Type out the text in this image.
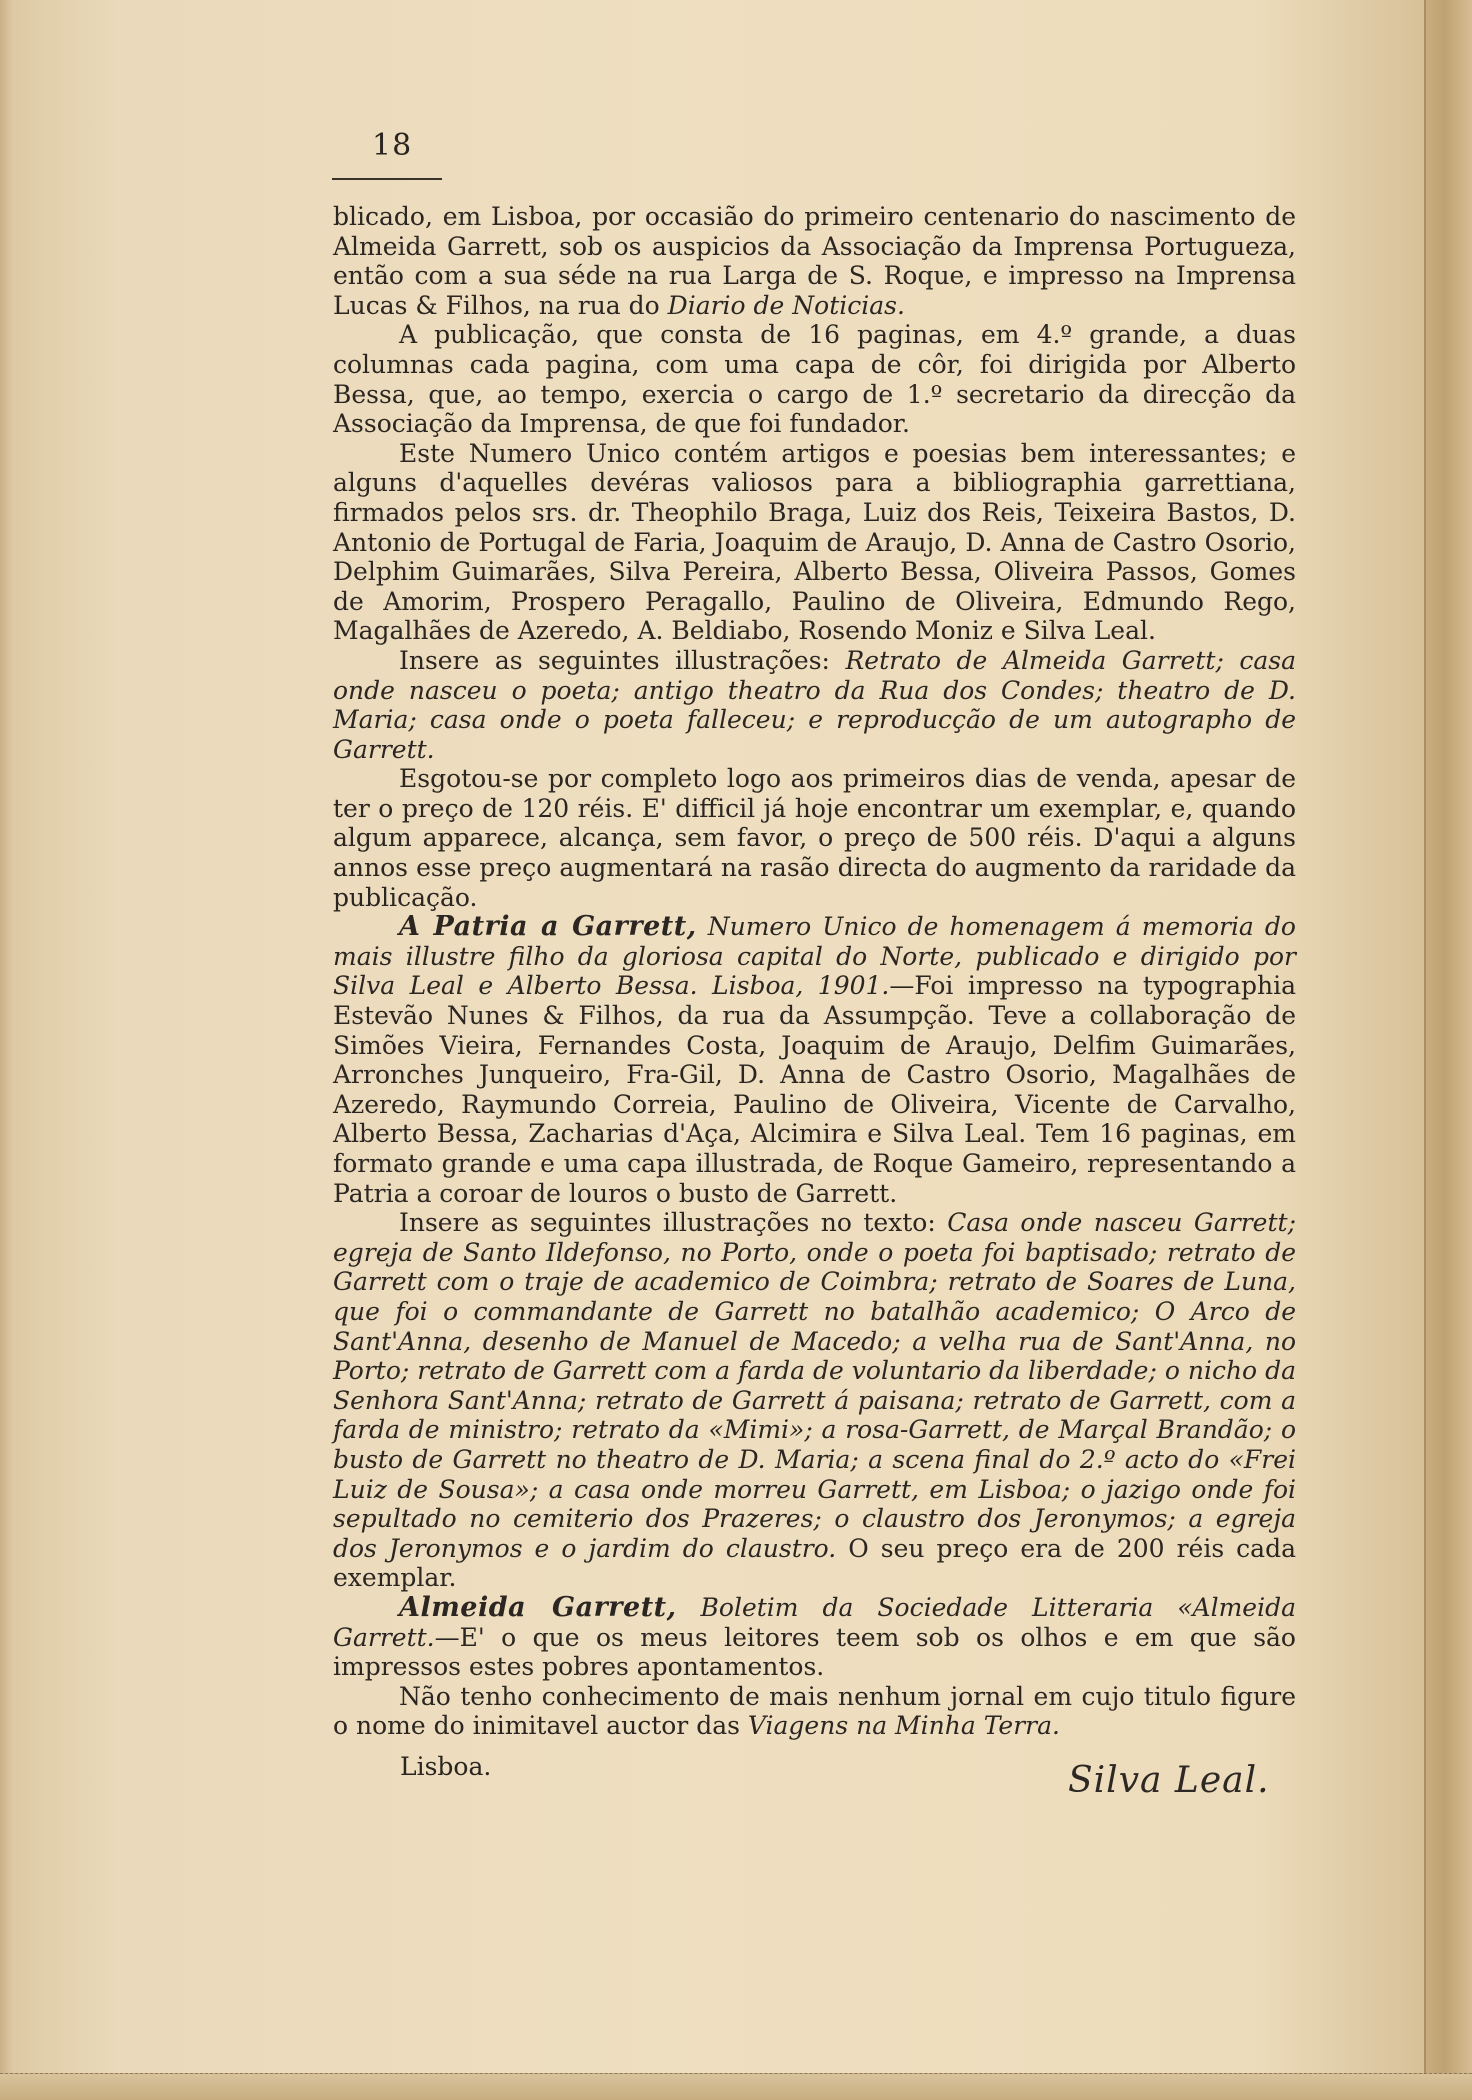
18

blicado, em Lisboa, por occasião do primeiro centenario do nascimento de Almeida Garrett, sob os auspicios da Associação da Imprensa Portugueza, então com a sua séde na rua Larga de S. Roque, e impresso na Imprensa Lucas & Filhos, na rua do Diario de Noticias.

A publicação, que consta de 16 paginas, em 4.º grande, a duas columnas cada pagina, com uma capa de côr, foi dirigida por Alberto Bessa, que, ao tempo, exercia o cargo de 1.º secretario da direcção da Associação da Imprensa, de que foi fundador.

Este Numero Unico contém artigos e poesias bem interessantes; e alguns d'aquelles devéras valiosos para a bibliographia garrettiana, firmados pelos srs. dr. Theophilo Braga, Luiz dos Reis, Teixeira Bastos, D. Antonio de Portugal de Faria, Joaquim de Araujo, D. Anna de Castro Osorio, Delphim Guimarães, Silva Pereira, Alberto Bessa, Oliveira Passos, Gomes de Amorim, Prospero Peragallo, Paulino de Oliveira, Edmundo Rego, Magalhães de Azeredo, A. Beldiabo, Rosendo Moniz e Silva Leal.

Insere as seguintes illustrações: Retrato de Almeida Garrett; casa onde nasceu o poeta; antigo theatro da Rua dos Condes; theatro de D. Maria; casa onde o poeta falleceu; e reproducção de um autographo de Garrett.

Esgotou-se por completo logo aos primeiros dias de venda, apesar de ter o preço de 120 réis. E' difficil já hoje encontrar um exemplar, e, quando algum apparece, alcança, sem favor, o preço de 500 réis. D'aqui a alguns annos esse preço augmentará na rasão directa do augmento da raridade da publicação.

A Patria a Garrett, Numero Unico de homenagem á memoria do mais illustre filho da gloriosa capital do Norte, publicado e dirigido por Silva Leal e Alberto Bessa. Lisboa, 1901.—Foi impresso na typographia Estevão Nunes & Filhos, da rua da Assumpção. Teve a collaboração de Simões Vieira, Fernandes Costa, Joaquim de Araujo, Delfim Guimarães, Arronches Junqueiro, Fra-Gil, D. Anna de Castro Osorio, Magalhães de Azeredo, Raymundo Correia, Paulino de Oliveira, Vicente de Carvalho, Alberto Bessa, Zacharias d'Aça, Alcimira e Silva Leal. Tem 16 paginas, em formato grande e uma capa illustrada, de Roque Gameiro, representando a Patria a coroar de louros o busto de Garrett.

Insere as seguintes illustrações no texto: Casa onde nasceu Garrett; egreja de Santo Ildefonso, no Porto, onde o poeta foi baptisado; retrato de Garrett com o traje de academico de Coimbra; retrato de Soares de Luna, que foi o commandante de Garrett no batalhão academico; O Arco de Sant'Anna, desenho de Manuel de Macedo; a velha rua de Sant'Anna, no Porto; retrato de Garrett com a farda de voluntario da liberdade; o nicho da Senhora Sant'Anna; retrato de Garrett á paisana; retrato de Garrett, com a farda de ministro; retrato da «Mimi»; a rosa-Garrett, de Marçal Brandão; o busto de Garrett no theatro de D. Maria; a scena final do 2.º acto do «Frei Luiz de Sousa»; a casa onde morreu Garrett, em Lisboa; o jazigo onde foi sepultado no cemiterio dos Prazeres; o claustro dos Jeronymos; a egreja dos Jeronymos e o jardim do claustro. O seu preço era de 200 réis cada exemplar.

Almeida Garrett, Boletim da Sociedade Litteraria «Almeida Garrett.—E' o que os meus leitores teem sob os olhos e em que são impressos estes pobres apontamentos.

Não tenho conhecimento de mais nenhum jornal em cujo titulo figure o nome do inimitavel auctor das Viagens na Minha Terra.

Lisboa.	Silva Leal.
